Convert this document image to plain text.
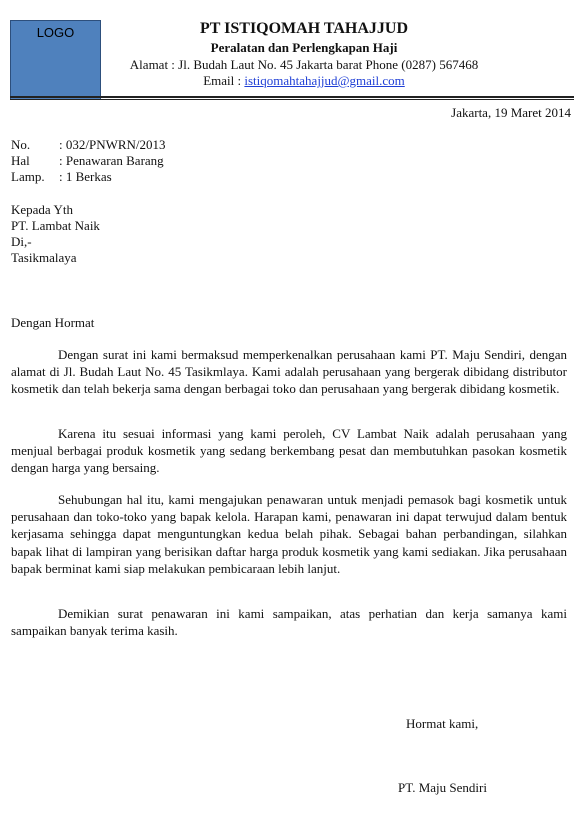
LOGO	PT ISTIQOMAH TAHAJJUD
Peralatan dan Perlengkapan Haji
Alamat : Jl. Budah Laut No. 45 Jakarta barat Phone (0287) 567468
Email : istiqomahtahajjud@gmail.com
Jakarta, 19 Maret 2014
No. : 032/PNWRN/2013
Hal : Penawaran Barang
Lamp. : 1 Berkas
Kepada Yth
PT. Lambat Naik
Di,-
Tasikmalaya
Dengan Hormat
Dengan surat ini kami bermaksud memperkenalkan perusahaan kami PT. Maju Sendiri, dengan alamat di Jl. Budah Laut No. 45 Tasikmlaya. Kami adalah perusahaan yang bergerak dibidang distributor kosmetik dan telah bekerja sama dengan berbagai toko dan perusahaan yang bergerak dibidang kosmetik.
Karena itu sesuai informasi yang kami peroleh, CV Lambat Naik adalah perusahaan yang menjual berbagai produk kosmetik yang sedang berkembang pesat dan membutuhkan pasokan kosmetik dengan harga yang bersaing.
Sehubungan hal itu, kami mengajukan penawaran untuk menjadi pemasok bagi kosmetik untuk perusahaan dan toko-toko yang bapak kelola. Harapan kami, penawaran ini dapat terwujud dalam bentuk kerjasama sehingga dapat menguntungkan kedua belah pihak. Sebagai bahan perbandingan, silahkan bapak lihat di lampiran yang berisikan daftar harga produk kosmetik yang kami sediakan. Jika perusahaan bapak berminat kami siap melakukan pembicaraan lebih lanjut.
Demikian surat penawaran ini kami sampaikan, atas perhatian dan kerja samanya kami sampaikan banyak terima kasih.
Hormat kami,
PT. Maju Sendiri
